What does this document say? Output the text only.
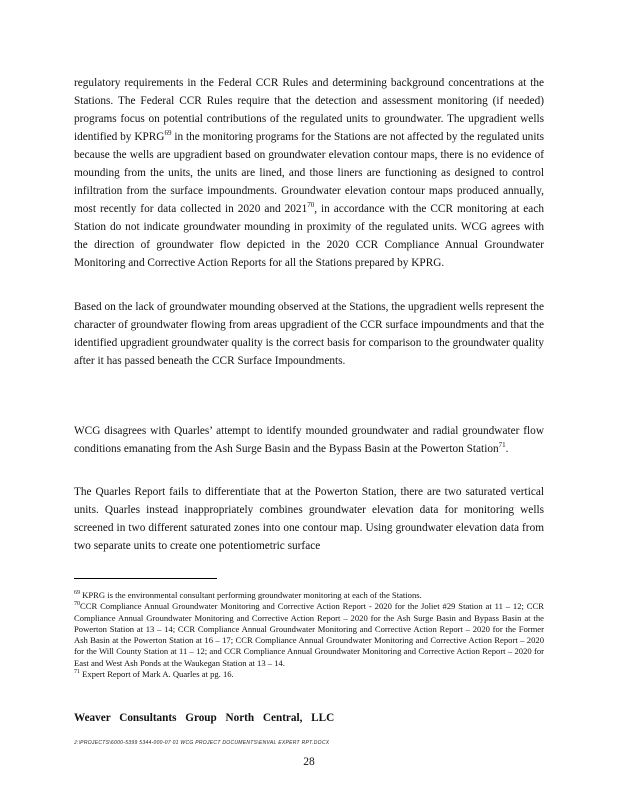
regulatory requirements in the Federal CCR Rules and determining background concentrations at the Stations. The Federal CCR Rules require that the detection and assessment monitoring (if needed) programs focus on potential contributions of the regulated units to groundwater. The upgradient wells identified by KPRG$^{69}$ in the monitoring programs for the Stations are not affected by the regulated units because the wells are upgradient based on groundwater elevation contour maps, there is no evidence of mounding from the units, the units are lined, and those liners are functioning as designed to control infiltration from the surface impoundments. Groundwater elevation contour maps produced annually, most recently for data collected in 2020 and 2021$^{70}$, in accordance with the CCR monitoring at each Station do not indicate groundwater mounding in proximity of the regulated units. WCG agrees with the direction of groundwater flow depicted in the 2020 CCR Compliance Annual Groundwater Monitoring and Corrective Action Reports for all the Stations prepared by KPRG.

Based on the lack of groundwater mounding observed at the Stations, the upgradient wells represent the character of groundwater flowing from areas upgradient of the CCR surface impoundments and that the identified upgradient groundwater quality is the correct basis for comparison to the groundwater quality after it has passed beneath the CCR Surface Impoundments.

WCG disagrees with Quarles’ attempt to identify mounded groundwater and radial groundwater flow conditions emanating from the Ash Surge Basin and the Bypass Basin at the Powerton Station$^{71}$.

The Quarles Report fails to differentiate that at the Powerton Station, there are two saturated vertical units. Quarles instead inappropriately combines groundwater elevation data for monitoring wells screened in two different saturated zones into one contour map. Using groundwater elevation data from two separate units to create one potentiometric surface

$^{69}$ KPRG is the environmental consultant performing groundwater monitoring at each of the Stations.

$^{70}$CCR Compliance Annual Groundwater Monitoring and Corrective Action Report - 2020 for the Joliet #29 Station at 11 – 12; CCR Compliance Annual Groundwater Monitoring and Corrective Action Report – 2020 for the Ash Surge Basin and Bypass Basin at the Powerton Station at 13 – 14; CCR Compliance Annual Groundwater Monitoring and Corrective Action Report – 2020 for the Former Ash Basin at the Powerton Station at 16 – 17; CCR Compliance Annual Groundwater Monitoring and Corrective Action Report – 2020 for the Will County Station at 11 – 12; and CCR Compliance Annual Groundwater Monitoring and Corrective Action Report – 2020 for East and West Ash Ponds at the Waukegan Station at 13 – 14.

$^{71}$ Expert Report of Mark A. Quarles at pg. 16.

Weaver Consultants Group North Central, LLC
J:\PROJECTS\6000-5399 5344-000-07 01 WCG PROJECT DOCUMENTS\ENVAL EXPERT RPT.DOCX
28
